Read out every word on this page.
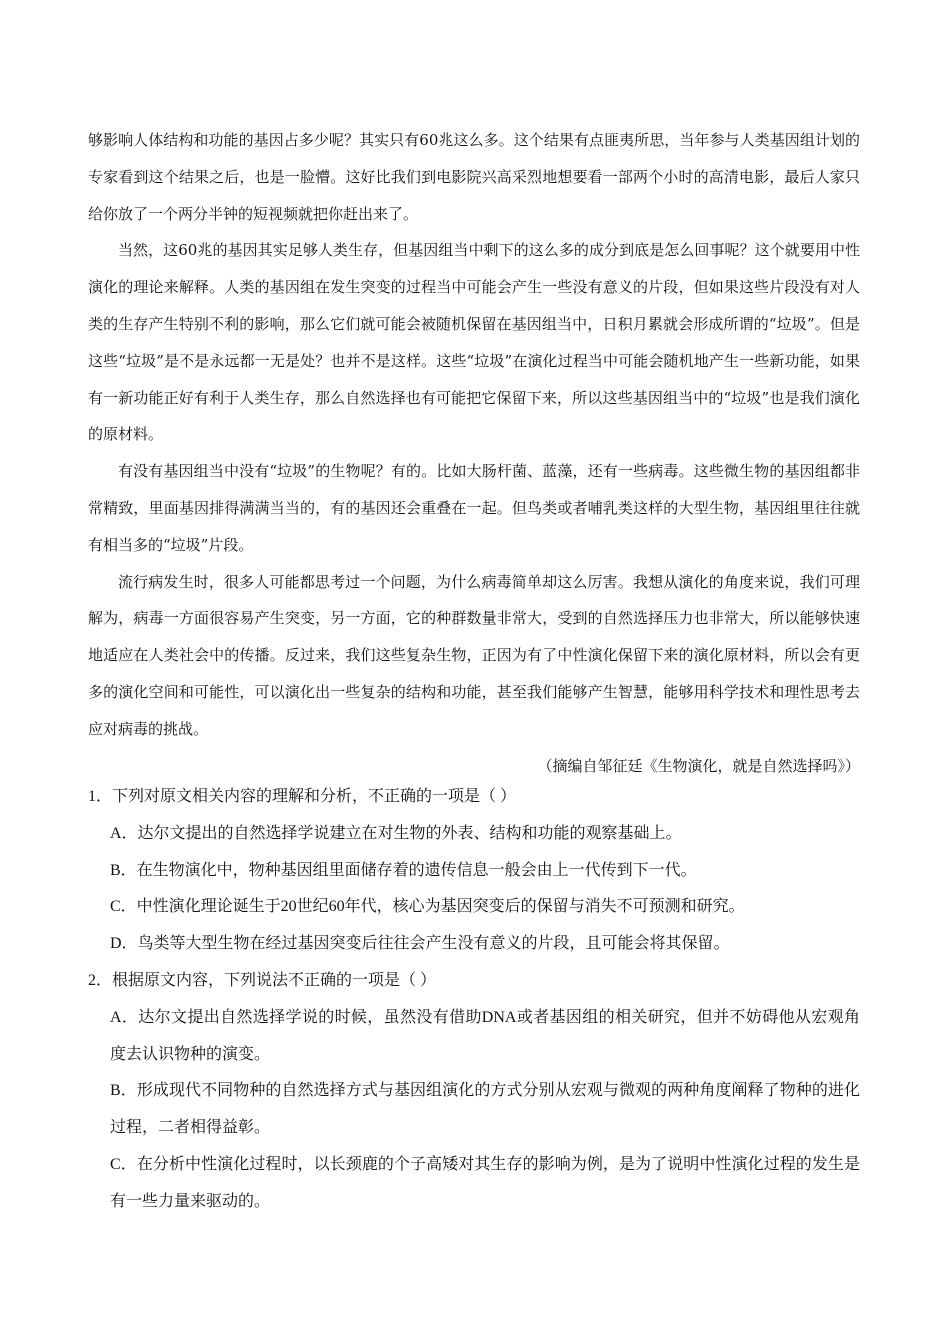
够影响人体结构和功能的基因占多少呢？其实只有60兆这么多。这个结果有点匪夷所思，当年参与人类基因组计划的专家看到这个结果之后，也是一脸懵。这好比我们到电影院兴高采烈地想要看一部两个小时的高清电影，最后人家只给你放了一个两分半钟的短视频就把你赶出来了。

当然，这60兆的基因其实足够人类生存，但基因组当中剩下的这么多的成分到底是怎么回事呢？这个就要用中性演化的理论来解释。人类的基因组在发生突变的过程当中可能会产生一些没有意义的片段，但如果这些片段没有对人类的生存产生特别不利的影响，那么它们就可能会被随机保留在基因组当中，日积月累就会形成所谓的“垃圾”。但是这些“垃圾”是不是永远都一无是处？也并不是这样。这些“垃圾”在演化过程当中可能会随机地产生一些新功能，如果有一新功能正好有利于人类生存，那么自然选择也有可能把它保留下来，所以这些基因组当中的“垃圾”也是我们演化的原材料。

有没有基因组当中没有“垃圾”的生物呢？有的。比如大肠杆菌、蓝藻，还有一些病毒。这些微生物的基因组都非常精致，里面基因排得满满当当的，有的基因还会重叠在一起。但鸟类或者哺乳类这样的大型生物，基因组里往往就有相当多的“垃圾”片段。

流行病发生时，很多人可能都思考过一个问题，为什么病毒简单却这么厉害。我想从演化的角度来说，我们可理解为，病毒一方面很容易产生突变，另一方面，它的种群数量非常大，受到的自然选择压力也非常大，所以能够快速地适应在人类社会中的传播。反过来，我们这些复杂生物，正因为有了中性演化保留下来的演化原材料，所以会有更多的演化空间和可能性，可以演化出一些复杂的结构和功能，甚至我们能够产生智慧，能够用科学技术和理性思考去应对病毒的挑战。

（摘编自邹征廷《生物演化，就是自然选择吗》）

1．下列对原文相关内容的理解和分析，不正确的一项是（ ）

A．达尔文提出的自然选择学说建立在对生物的外表、结构和功能的观察基础上。

B．在生物演化中，物种基因组里面储存着的遗传信息一般会由上一代传到下一代。

C．中性演化理论诞生于20世纪60年代，核心为基因突变后的保留与消失不可预测和研究。

D．鸟类等大型生物在经过基因突变后往往会产生没有意义的片段，且可能会将其保留。

2．根据原文内容，下列说法不正确的一项是（ ）

A．达尔文提出自然选择学说的时候，虽然没有借助DNA或者基因组的相关研究，但并不妨碍他从宏观角度去认识物种的演变。

B．形成现代不同物种的自然选择方式与基因组演化的方式分别从宏观与微观的两种角度阐释了物种的进化过程，二者相得益彰。

C．在分析中性演化过程时，以长颈鹿的个子高矮对其生存的影响为例，是为了说明中性演化过程的发生是有一些力量来驱动的。
